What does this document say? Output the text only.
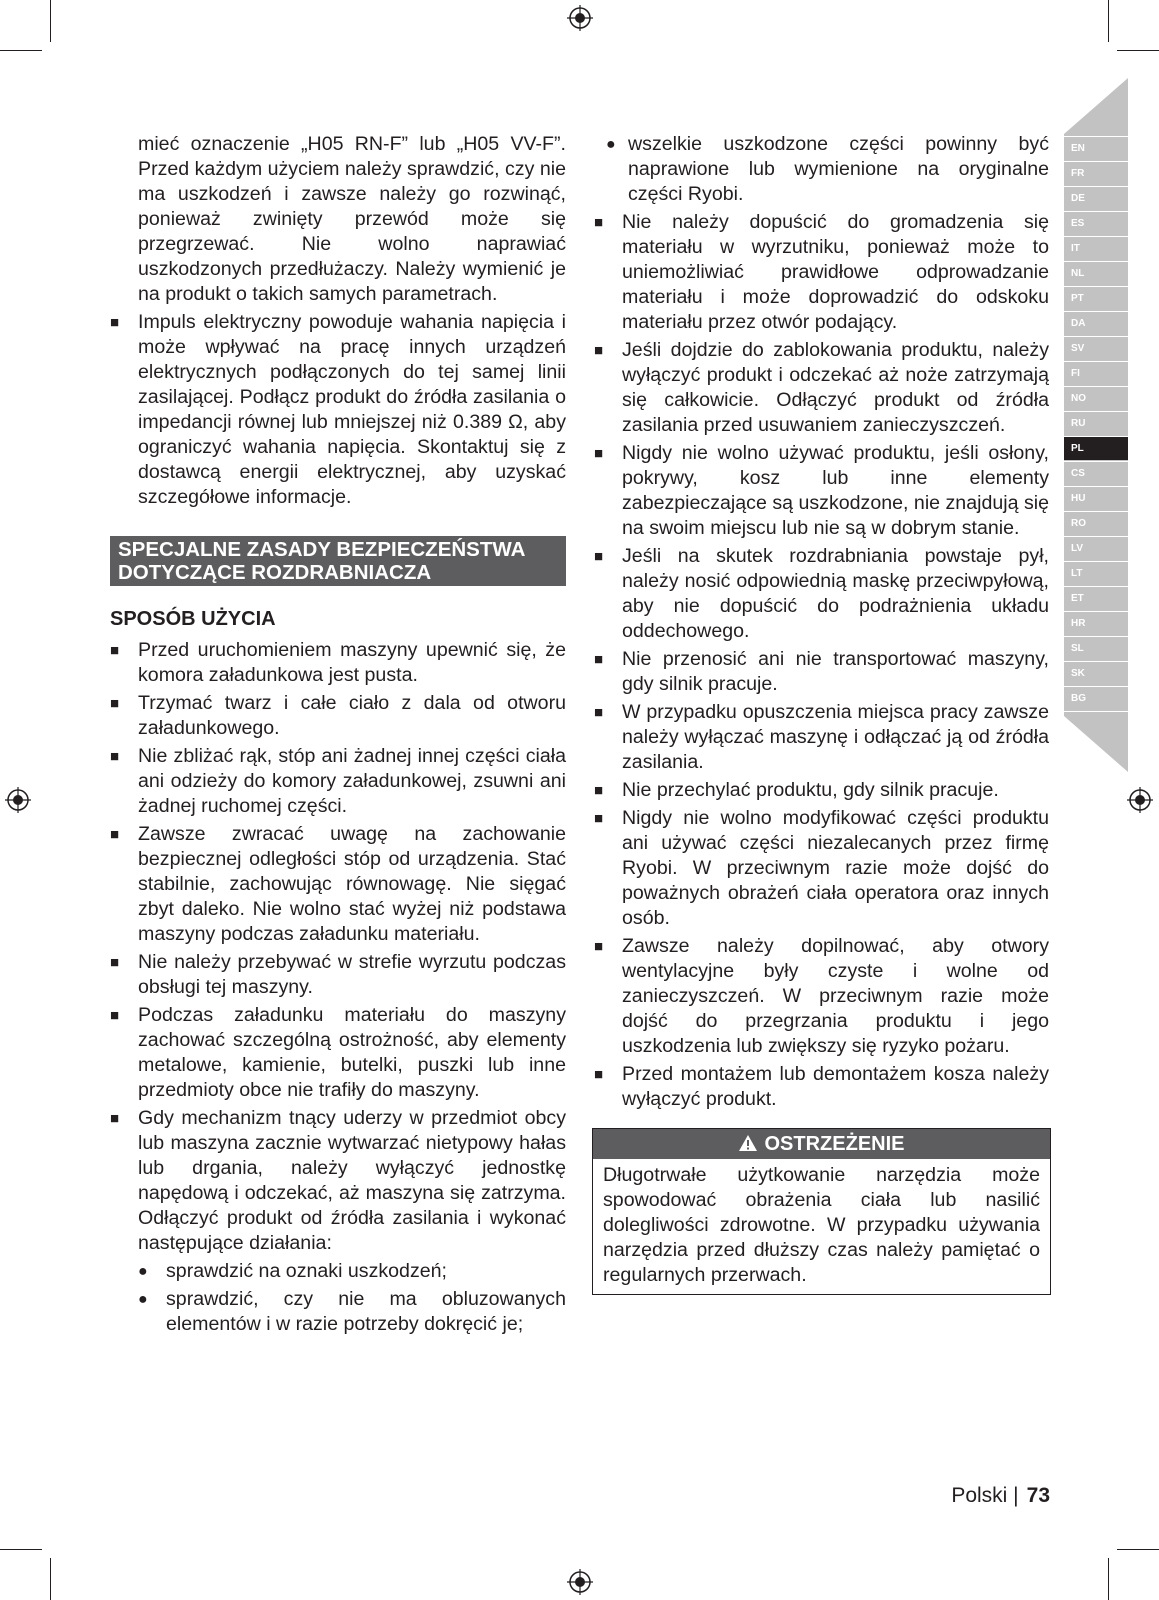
EN
FR
DE
ES
IT
NL
PT
DA
SV
FI
NO
RU
PL
CS
HU
RO
LV
LT
ET
HR
SL
SK
BG

mieć oznaczenie „H05 RN-F” lub „H05 VV-F”. Przed każdym użyciem należy sprawdzić, czy nie ma uszkodzeń i zawsze należy go rozwinąć, ponieważ zwinięty przewód może się przegrzewać. Nie wolno naprawiać uszkodzonych przedłużaczy. Należy wymienić je na produkt o takich samych parametrach.

■ Impuls elektryczny powoduje wahania napięcia i może wpływać na pracę innych urządzeń elektrycznych podłączonych do tej samej linii zasilającej. Podłącz produkt do źródła zasilania o impedancji równej lub mniejszej niż 0.389 Ω, aby ograniczyć wahania napięcia. Skontaktuj się z dostawcą energii elektrycznej, aby uzyskać szczegółowe informacje.
SPECJALNE ZASADY BEZPIECZEŃSTWA
DOTYCZĄCE ROZDRABNIACZA
SPOSÓB UŻYCIA
■ Przed uruchomieniem maszyny upewnić się, że komora załadunkowa jest pusta.
■ Trzymać twarz i całe ciało z dala od otworu załadunkowego.
■ Nie zbliżać rąk, stóp ani żadnej innej części ciała ani odzieży do komory załadunkowej, zsuwni ani żadnej ruchomej części.
■ Zawsze zwracać uwagę na zachowanie bezpiecznej odległości stóp od urządzenia. Stać stabilnie, zachowując równowagę. Nie sięgać zbyt daleko. Nie wolno stać wyżej niż podstawa maszyny podczas załadunku materiału.
■ Nie należy przebywać w strefie wyrzutu podczas obsługi tej maszyny.
■ Podczas załadunku materiału do maszyny zachować szczególną ostrożność, aby elementy metalowe, kamienie, butelki, puszki lub inne przedmioty obce nie trafiły do maszyny.
■ Gdy mechanizm tnący uderzy w przedmiot obcy lub maszyna zacznie wytwarzać nietypowy hałas lub drgania, należy wyłączyć jednostkę napędową i odczekać, aż maszyna się zatrzyma. Odłączyć produkt od źródła zasilania i wykonać następujące działania:
● sprawdzić na oznaki uszkodzeń;
● sprawdzić, czy nie ma obluzowanych elementów i w razie potrzeby dokręcić je;
● wszelkie uszkodzone części powinny być naprawione lub wymienione na oryginalne części Ryobi.
■ Nie należy dopuścić do gromadzenia się materiału w wyrzutniku, ponieważ może to uniemożliwiać prawidłowe odprowadzanie materiału i może doprowadzić do odskoku materiału przez otwór podający.
■ Jeśli dojdzie do zablokowania produktu, należy wyłączyć produkt i odczekać aż noże zatrzymają się całkowicie. Odłączyć produkt od źródła zasilania przed usuwaniem zanieczyszczeń.
■ Nigdy nie wolno używać produktu, jeśli osłony, pokrywy, kosz lub inne elementy zabezpieczające są uszkodzone, nie znajdują się na swoim miejscu lub nie są w dobrym stanie.
■ Jeśli na skutek rozdrabniania powstaje pył, należy nosić odpowiednią maskę przeciwpyłową, aby nie dopuścić do podrażnienia układu oddechowego.
■ Nie przenosić ani nie transportować maszyny, gdy silnik pracuje.
■ W przypadku opuszczenia miejsca pracy zawsze należy wyłączać maszynę i odłączać ją od źródła zasilania.
■ Nie przechylać produktu, gdy silnik pracuje.
■ Nigdy nie wolno modyfikować części produktu ani używać części niezalecanych przez firmę Ryobi. W przeciwnym razie może dojść do poważnych obrażeń ciała operatora oraz innych osób.
■ Zawsze należy dopilnować, aby otwory wentylacyjne były czyste i wolne od zanieczyszczeń. W przeciwnym razie może dojść do przegrzania produktu i jego uszkodzenia lub zwiększy się ryzyko pożaru.
■ Przed montażem lub demontażem kosza należy wyłączyć produkt.
OSTRZEŻENIE
Długotrwałe użytkowanie narzędzia może spowodować obrażenia ciała lub nasilić dolegliwości zdrowotne. W przypadku używania narzędzia przed dłuższy czas należy pamiętać o regularnych przerwach.
Polski | 73
